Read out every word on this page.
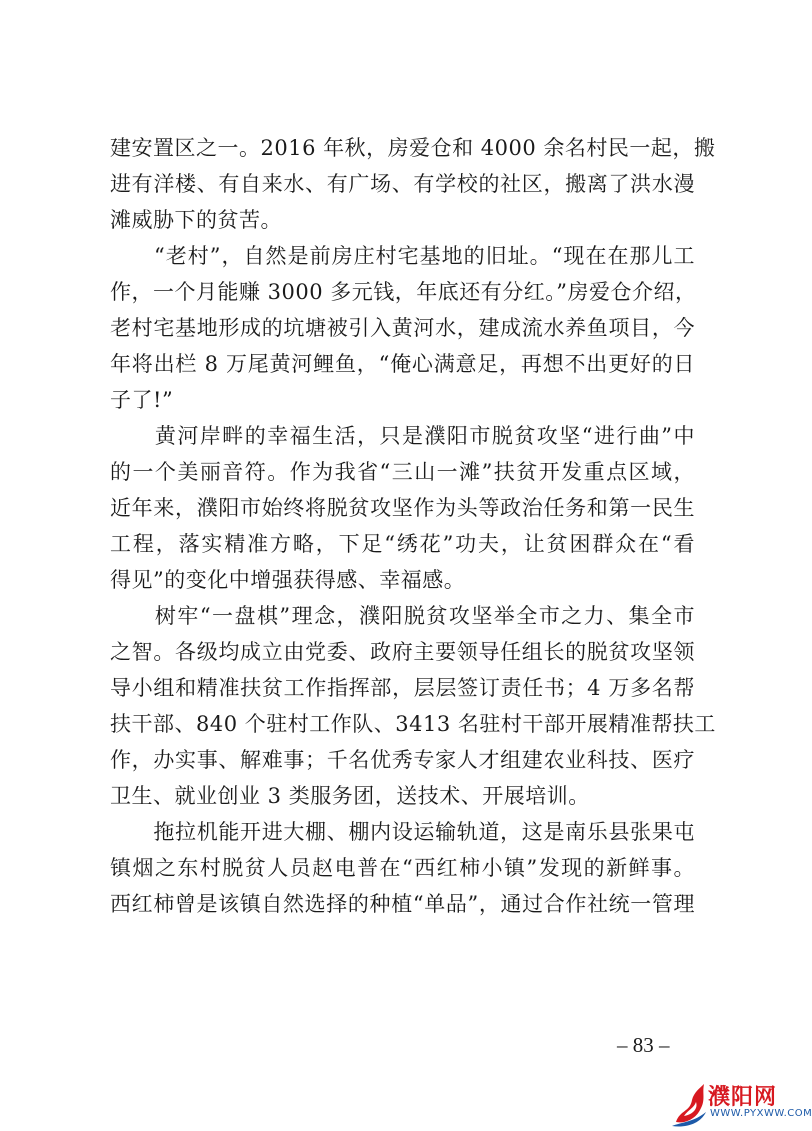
建安置区之一。2016 年秋，房爱仓和 4000 余名村民一起，搬
进有洋楼、有自来水、有广场、有学校的社区，搬离了洪水漫
滩威胁下的贫苦。
　　“老村”，自然是前房庄村宅基地的旧址。“现在在那儿工
作，一个月能赚 3000 多元钱，年底还有分红。”房爱仓介绍，
老村宅基地形成的坑塘被引入黄河水，建成流水养鱼项目，今
年将出栏 8 万尾黄河鲤鱼，“俺心满意足，再想不出更好的日
子了!”
　　黄河岸畔的幸福生活，只是濮阳市脱贫攻坚“进行曲”中
的一个美丽音符。作为我省“三山一滩”扶贫开发重点区域，
近年来，濮阳市始终将脱贫攻坚作为头等政治任务和第一民生
工程，落实精准方略，下足“绣花”功夫，让贫困群众在“看
得见”的变化中增强获得感、幸福感。
　　树牢“一盘棋”理念，濮阳脱贫攻坚举全市之力、集全市
之智。各级均成立由党委、政府主要领导任组长的脱贫攻坚领
导小组和精准扶贫工作指挥部，层层签订责任书；4 万多名帮
扶干部、840 个驻村工作队、3413 名驻村干部开展精准帮扶工
作，办实事、解难事；千名优秀专家人才组建农业科技、医疗
卫生、就业创业 3 类服务团，送技术、开展培训。
　　拖拉机能开进大棚、棚内设运输轨道，这是南乐县张果屯
镇烟之东村脱贫人员赵电普在“西红柿小镇”发现的新鲜事。
西红柿曾是该镇自然选择的种植“单品”，通过合作社统一管理
– 83 –
濮阳网
WWW.PYXWW.COM
